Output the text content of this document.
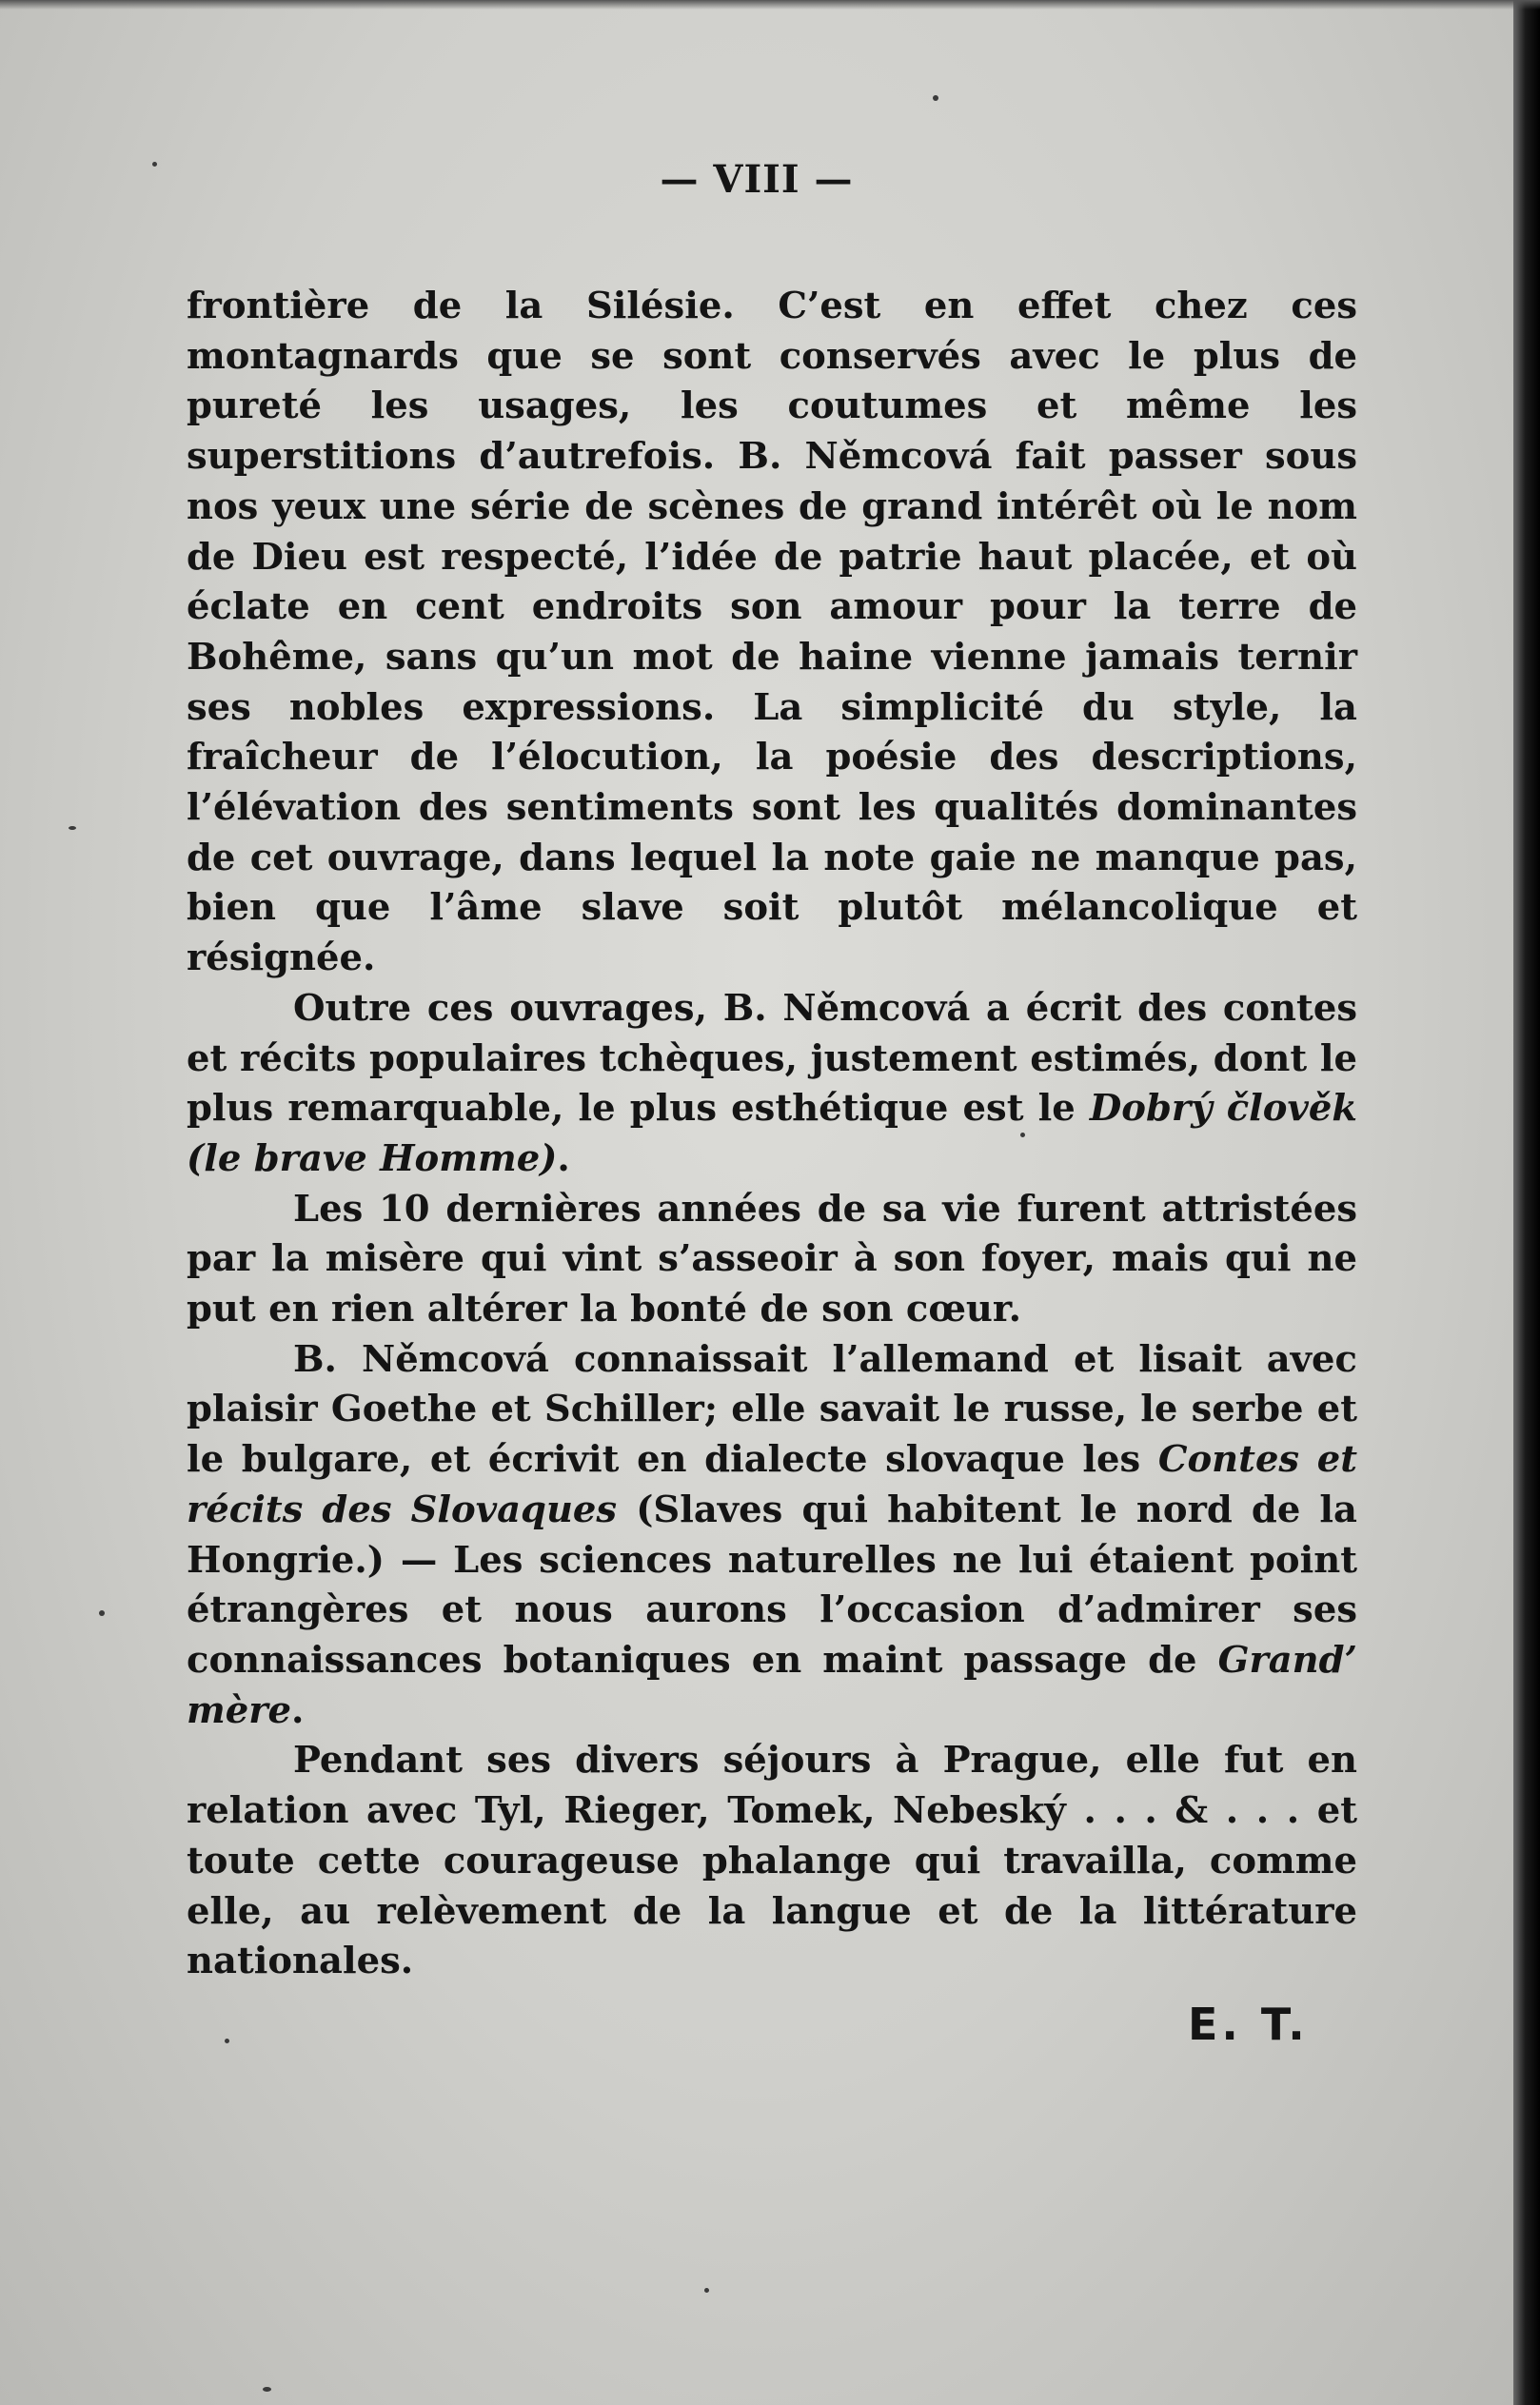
— VIII —

frontière de la Silésie. C’est en effet chez ces montagnards que se sont conservés avec le plus de pureté les usages, les coutumes et même les superstitions d’autrefois. B. Němcová fait passer sous nos yeux une série de scènes de grand intérêt où le nom de Dieu est respecté, l’idée de patrie haut placée, et où éclate en cent endroits son amour pour la terre de Bohême, sans qu’un mot de haine vienne jamais ternir ses nobles expressions. La simplicité du style, la fraîcheur de l’élocution, la poésie des descriptions, l’élévation des sentiments sont les qualités dominantes de cet ouvrage, dans lequel la note gaie ne manque pas, bien que l’âme slave soit plutôt mélancolique et résignée.

Outre ces ouvrages, B. Němcová a écrit des contes et récits populaires tchèques, justement estimés, dont le plus remarquable, le plus esthétique est le Dobrý člověk (le brave Homme).

Les 10 dernières années de sa vie furent attristées par la misère qui vint s’asseoir à son foyer, mais qui ne put en rien altérer la bonté de son cœur.

B. Němcová connaissait l’allemand et lisait avec plaisir Goethe et Schiller; elle savait le russe, le serbe et le bulgare, et écrivit en dialecte slovaque les Contes et récits des Slovaques (Slaves qui habitent le nord de la Hongrie.) — Les sciences naturelles ne lui étaient point étrangères et nous aurons l’occasion d’admirer ses connaissances botaniques en maint passage de Grand’ mère.

Pendant ses divers séjours à Prague, elle fut en relation avec Tyl, Rieger, Tomek, Nebeský . . . & . . . et toute cette courageuse phalange qui travailla, comme elle, au relèvement de la langue et de la littérature nationales.

E. T.
